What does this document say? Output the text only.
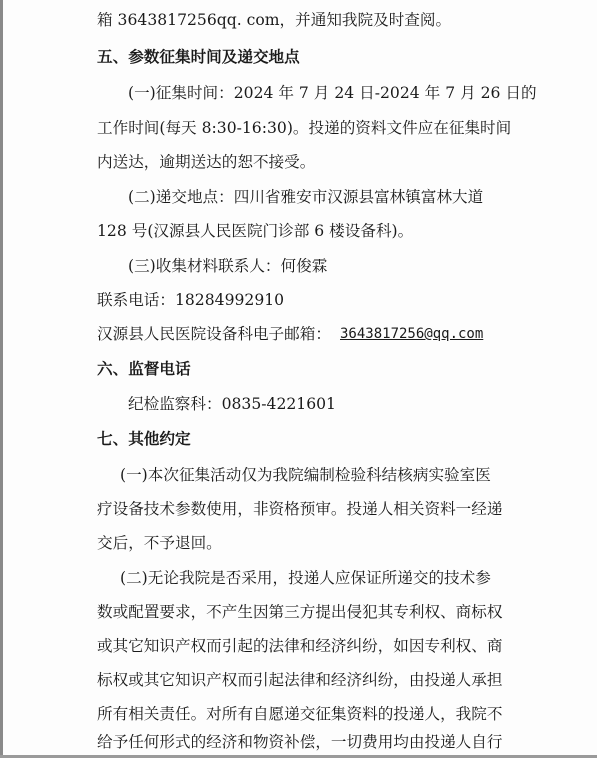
箱 3643817256qq. com，并通知我院及时查阅。
五、参数征集时间及递交地点
(一)征集时间：2024 年 7 月 24 日-2024 年 7 月 26 日的
工作时间(每天 8:30-16:30)。投递的资料文件应在征集时间
内送达，逾期送达的恕不接受。
(二)递交地点：四川省雅安市汉源县富林镇富林大道
128 号(汉源县人民医院门诊部 6 楼设备科)。
(三)收集材料联系人：何俊霖
联系电话：18284992910
汉源县人民医院设备科电子邮箱： 3643817256@qq.com
六、监督电话
纪检监察科：0835-4221601
七、其他约定
(一)本次征集活动仅为我院编制检验科结核病实验室医
疗设备技术参数使用，非资格预审。投递人相关资料一经递
交后，不予退回。
(二)无论我院是否采用，投递人应保证所递交的技术参
数或配置要求，不产生因第三方提出侵犯其专利权、商标权
或其它知识产权而引起的法律和经济纠纷，如因专利权、商
标权或其它知识产权而引起法律和经济纠纷，由投递人承担
所有相关责任。对所有自愿递交征集资料的投递人，我院不
给予任何形式的经济和物资补偿，一切费用均由投递人自行
